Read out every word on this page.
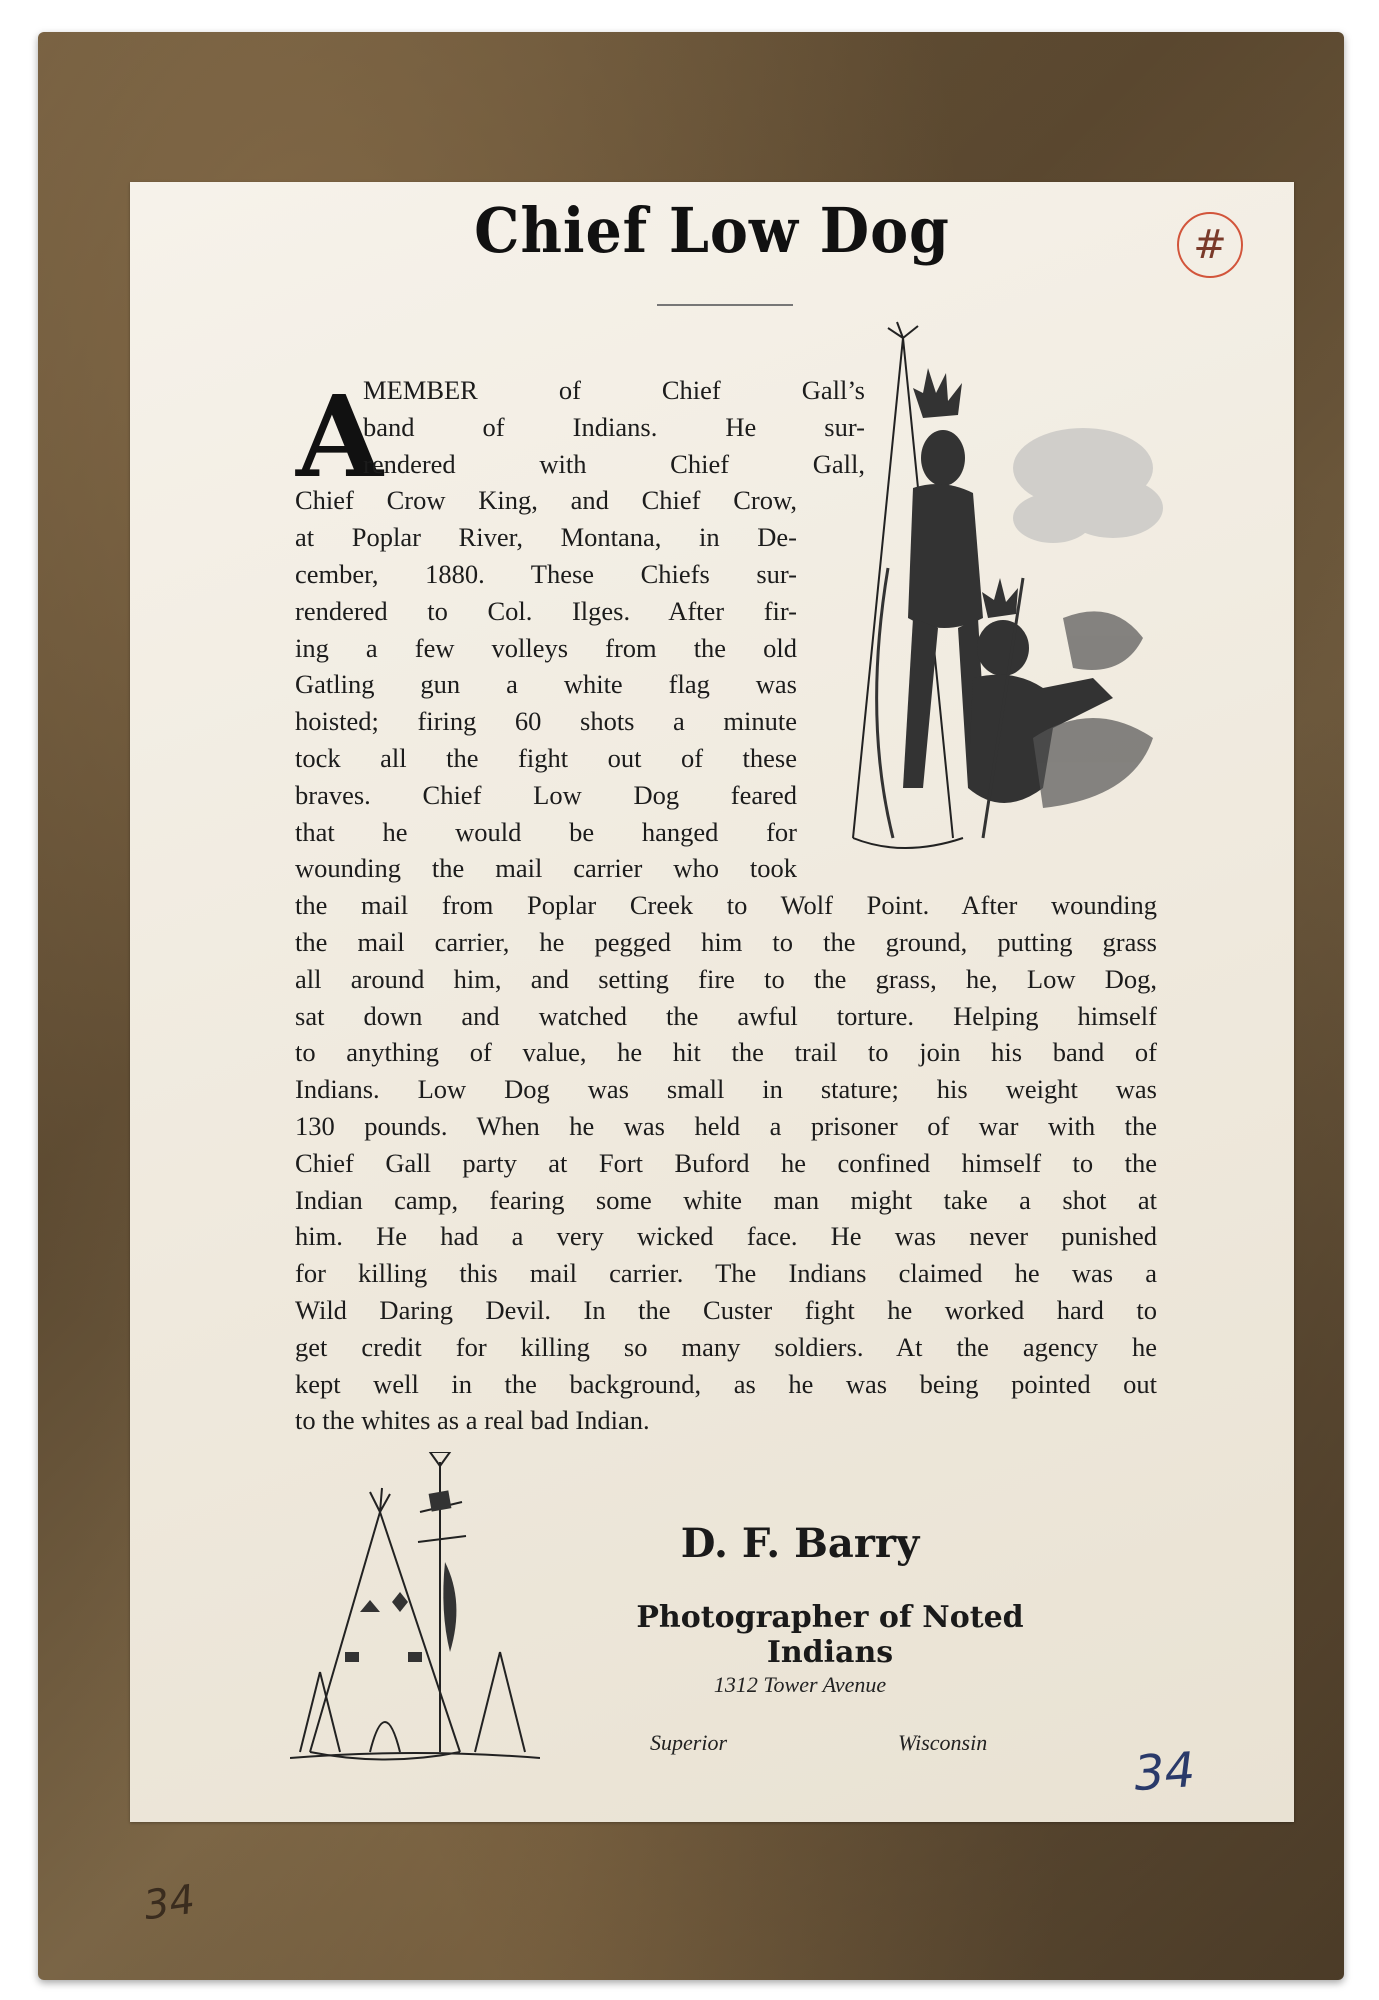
34
Chief Low Dog	#
A
MEMBER of Chief Gall’s
band of Indians. He sur-
rendered with Chief Gall,
Chief Crow King, and Chief Crow,
at Poplar River, Montana, in De-
cember, 1880. These Chiefs sur-
rendered to Col. Ilges. After fir-
ing a few volleys from the old
Gatling gun a white flag was
hoisted; firing 60 shots a minute
tock all the fight out of these
braves. Chief Low Dog feared
that he would be hanged for
wounding the mail carrier who took
the mail from Poplar Creek to Wolf Point. After wounding
the mail carrier, he pegged him to the ground, putting grass
all around him, and setting fire to the grass, he, Low Dog,
sat down and watched the awful torture. Helping himself
to anything of value, he hit the trail to join his band of
Indians. Low Dog was small in stature; his weight was
130 pounds. When he was held a prisoner of war with the
Chief Gall party at Fort Buford he confined himself to the
Indian camp, fearing some white man might take a shot at
him. He had a very wicked face. He was never punished
for killing this mail carrier. The Indians claimed he was a
Wild Daring Devil. In the Custer fight he worked hard to
get credit for killing so many soldiers. At the agency he
kept well in the background, as he was being pointed out
to the whites as a real bad Indian.
D. F. Barry
Photographer of Noted Indians
1312 Tower Avenue
Superior	Wisconsin	34
